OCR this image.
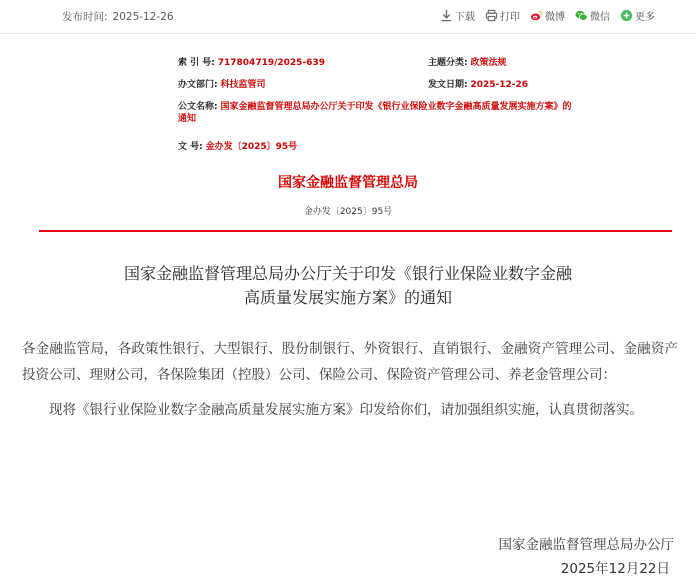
发布时间: 2025-12-26	下载	打印	微博	微信	更多
索 引 号: 717804719/2025-639	主题分类: 政策法规
办文部门: 科技监管司	发文日期: 2025-12-26
公文名称: 国家金融监督管理总局办公厅关于印发《银行业保险业数字金融高质量发展实施方案》的通知
文 号: 金办发〔2025〕95号
国家金融监督管理总局
金办发〔2025〕95号
国家金融监督管理总局办公厅关于印发《银行业保险业数字金融
高质量发展实施方案》的通知
各金融监管局，各政策性银行、大型银行、股份制银行、外资银行、直销银行、金融资产管理公司、金融资产投资公司、理财公司，各保险集团（控股）公司、保险公司、保险资产管理公司、养老金管理公司：
现将《银行业保险业数字金融高质量发展实施方案》印发给你们，请加强组织实施，认真贯彻落实。
国家金融监督管理总局办公厅
2025年12月22日
